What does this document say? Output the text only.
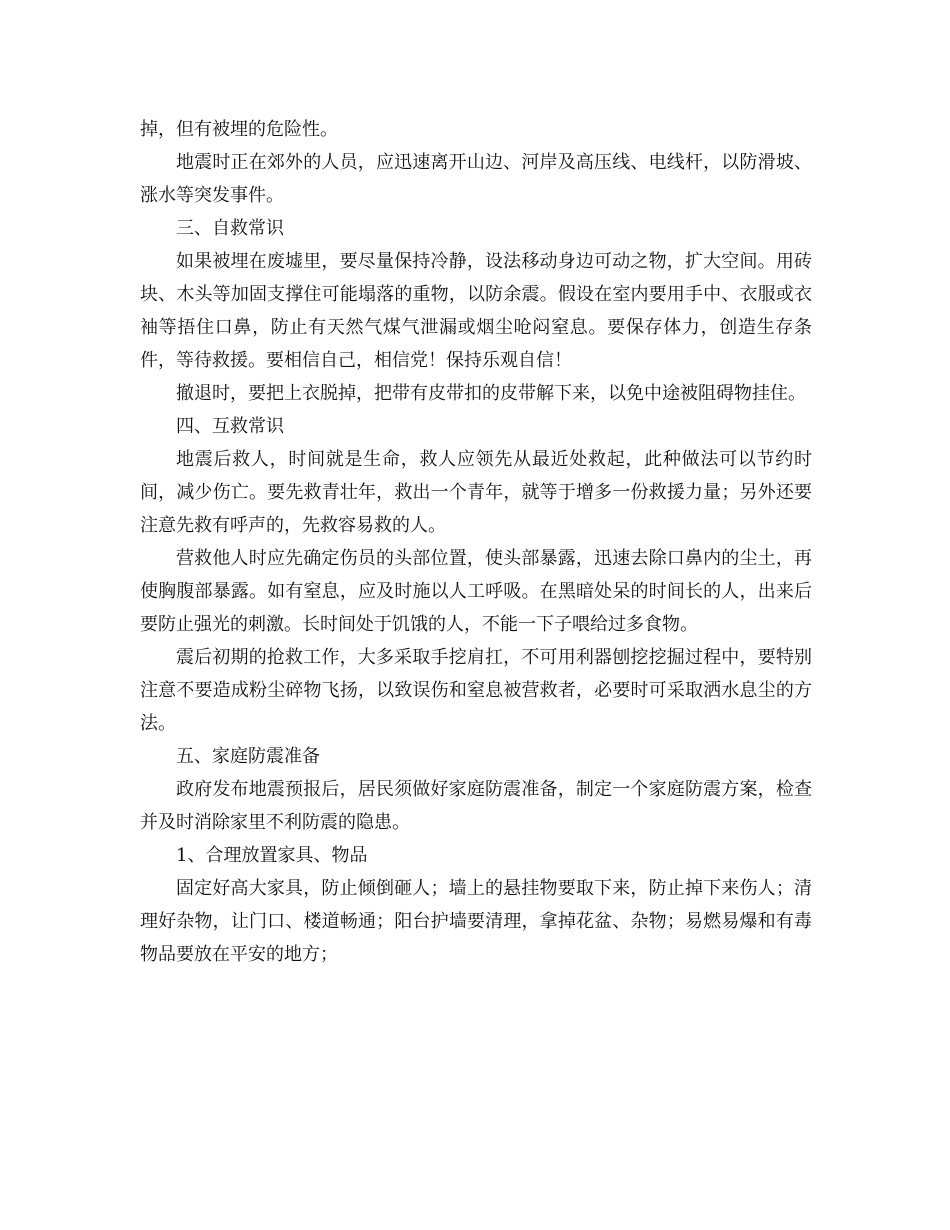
掉，但有被埋的危险性。

地震时正在郊外的人员，应迅速离开山边、河岸及高压线、电线杆，以防滑坡、涨水等突发事件。

三、自救常识

如果被埋在废墟里，要尽量保持冷静，设法移动身边可动之物，扩大空间。用砖块、木头等加固支撑住可能塌落的重物，以防余震。假设在室内要用手中、衣服或衣袖等捂住口鼻，防止有天然气煤气泄漏或烟尘呛闷窒息。要保存体力，创造生存条件，等待救援。要相信自己，相信党！保持乐观自信！

撤退时，要把上衣脱掉，把带有皮带扣的皮带解下来，以免中途被阻碍物挂住。

四、互救常识

地震后救人，时间就是生命，救人应领先从最近处救起，此种做法可以节约时间，减少伤亡。要先救青壮年，救出一个青年，就等于增多一份救援力量；另外还要注意先救有呼声的，先救容易救的人。

营救他人时应先确定伤员的头部位置，使头部暴露，迅速去除口鼻内的尘土，再使胸腹部暴露。如有窒息，应及时施以人工呼吸。在黑暗处呆的时间长的人，出来后要防止强光的刺激。长时间处于饥饿的人，不能一下子喂给过多食物。

震后初期的抢救工作，大多采取手挖肩扛，不可用利器刨挖挖掘过程中，要特别注意不要造成粉尘碎物飞扬，以致误伤和窒息被营救者，必要时可采取洒水息尘的方法。

五、家庭防震准备

政府发布地震预报后，居民须做好家庭防震准备，制定一个家庭防震方案，检查并及时消除家里不利防震的隐患。

1、合理放置家具、物品

固定好高大家具，防止倾倒砸人；墙上的悬挂物要取下来，防止掉下来伤人；清理好杂物，让门口、楼道畅通；阳台护墙要清理，拿掉花盆、杂物；易燃易爆和有毒物品要放在平安的地方；
